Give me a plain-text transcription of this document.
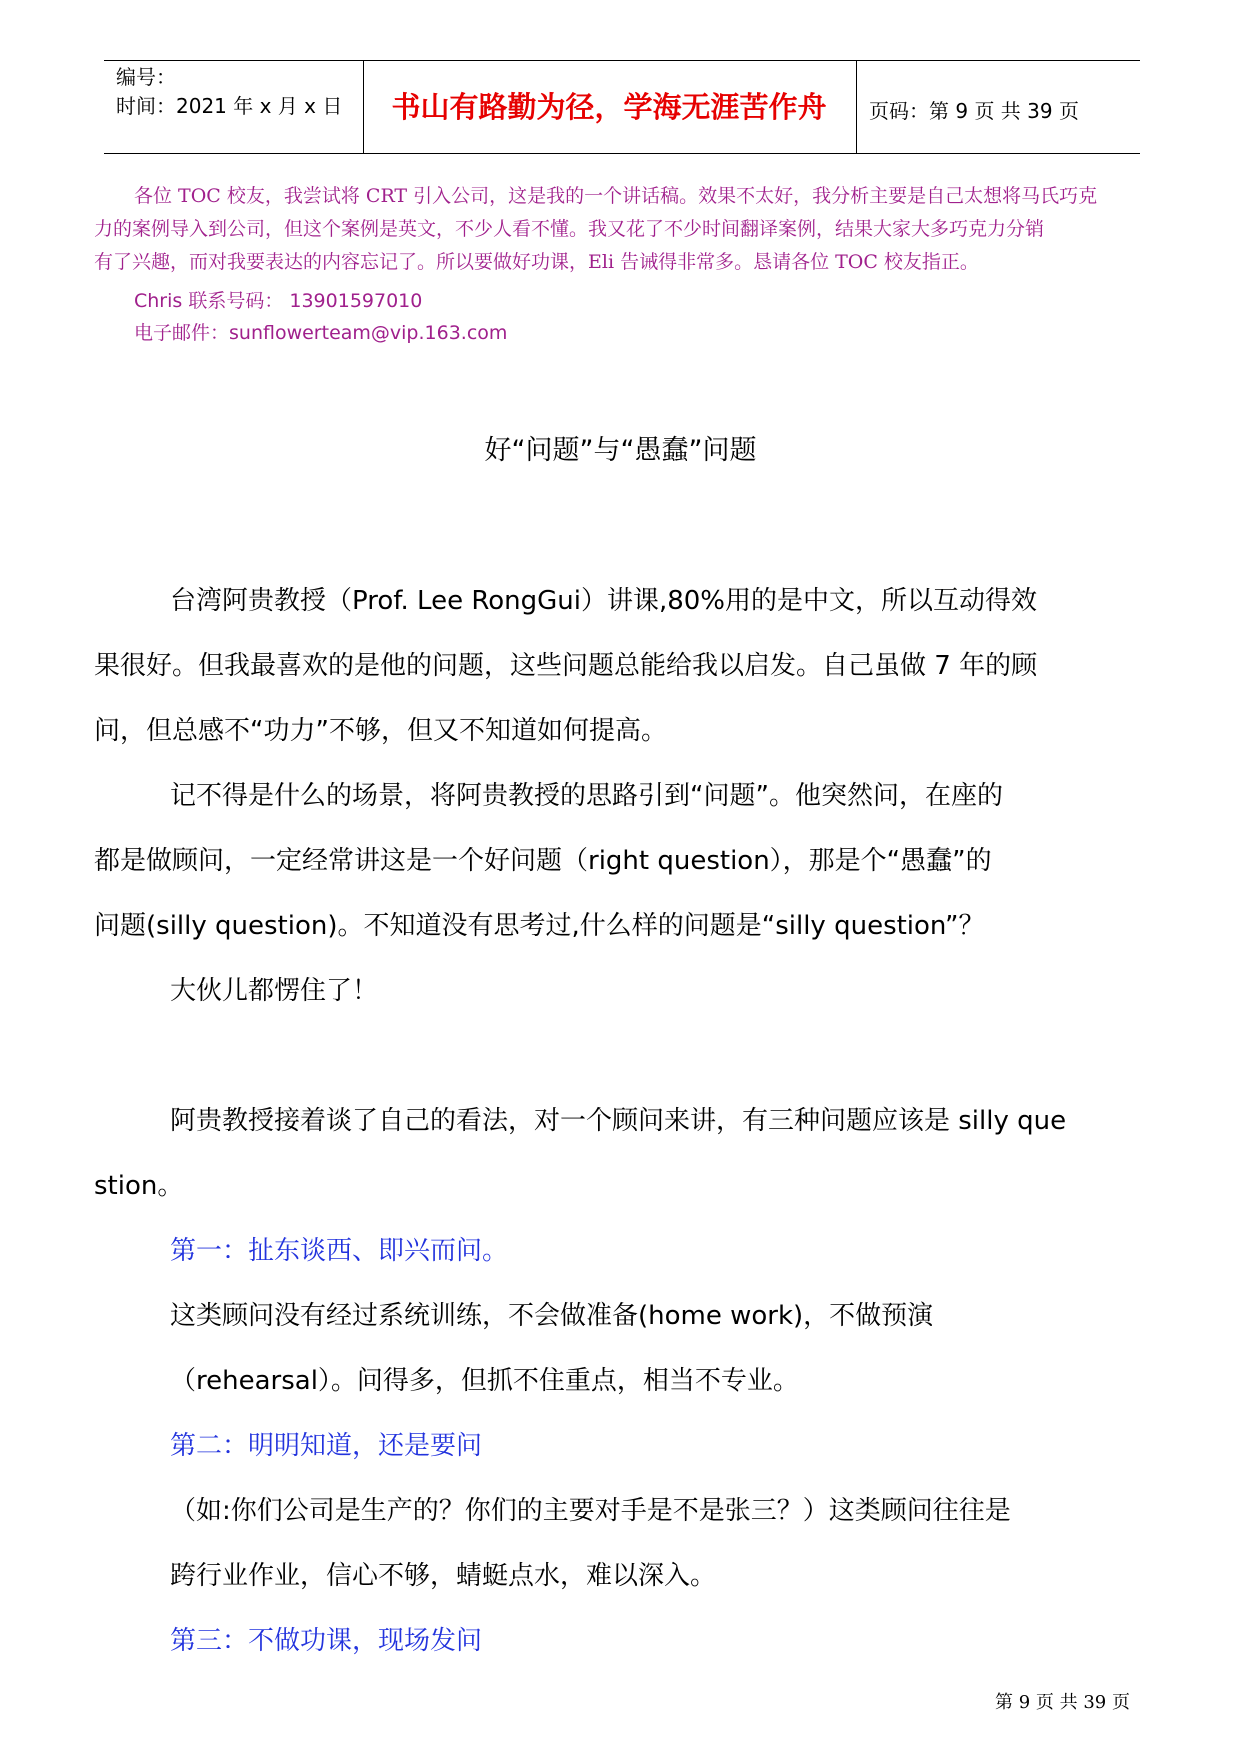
编号：
时间：2021 年 x 月 x 日	书山有路勤为径，学海无涯苦作舟	页码：第 9 页 共 39 页

各位 TOC 校友，我尝试将 CRT 引入公司，这是我的一个讲话稿。效果不太好，我分析主要是自己太想将马氏巧克

力的案例导入到公司，但这个案例是英文，不少人看不懂。我又花了不少时间翻译案例，结果大家大多巧克力分销

有了兴趣，而对我要表达的内容忘记了。所以要做好功课，Eli 告诫得非常多。恳请各位 TOC 校友指正。

Chris 联系号码： 13901597010
电子邮件：sunflowerteam@vip.163.com
好“问题”与“愚蠢”问题
台湾阿贵教授（Prof. Lee RongGui）讲课,80%用的是中文，所以互动得效
果很好。但我最喜欢的是他的问题，这些问题总能给我以启发。自己虽做 7 年的顾
问，但总感不“功力”不够，但又不知道如何提高。
记不得是什么的场景，将阿贵教授的思路引到“问题”。他突然问，在座的
都是做顾问，一定经常讲这是一个好问题（right question），那是个“愚蠢”的
问题(silly question)。不知道没有思考过,什么样的问题是“silly question”？
大伙儿都愣住了！
阿贵教授接着谈了自己的看法，对一个顾问来讲，有三种问题应该是 silly que
stion。
第一：扯东谈西、即兴而问。
这类顾问没有经过系统训练，不会做准备(home work)，不做预演
（rehearsal）。问得多，但抓不住重点，相当不专业。
第二：明明知道，还是要问
（如:你们公司是生产的？你们的主要对手是不是张三？）这类顾问往往是
跨行业作业，信心不够，蜻蜓点水，难以深入。
第三：不做功课，现场发问
第 9 页 共 39 页
